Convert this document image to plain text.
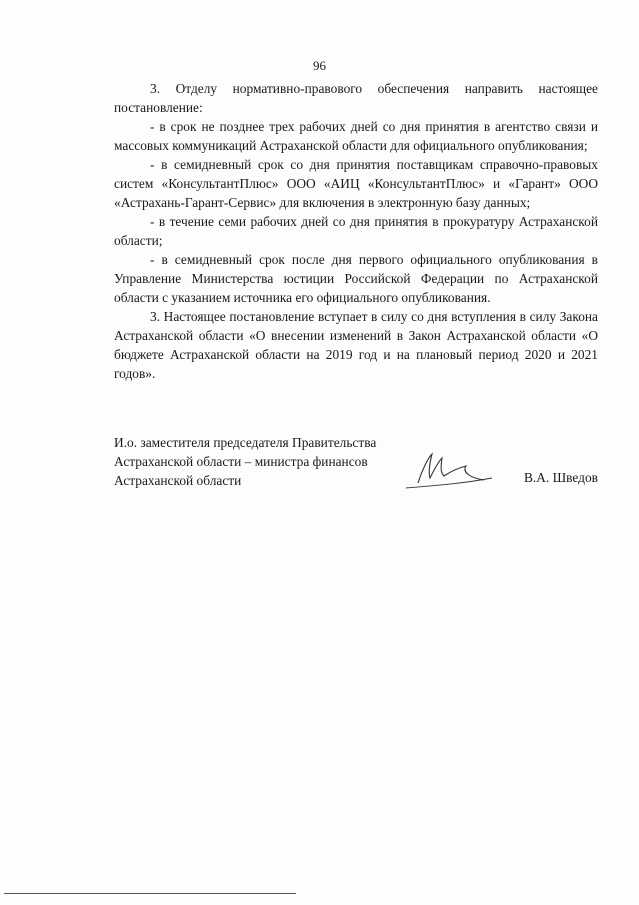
96

3. Отделу нормативно-правового обеспечения направить настоящее постановление:

- в срок не позднее трех рабочих дней со дня принятия в агентство связи и массовых коммуникаций Астраханской области для официального опубликования;

- в семидневный срок со дня принятия поставщикам справочно-правовых систем «КонсультантПлюс» ООО «АИЦ «КонсультантПлюс» и «Гарант» ООО «Астрахань-Гарант-Сервис» для включения в электронную базу данных;

- в течение семи рабочих дней со дня принятия в прокуратуру Астраханской области;

- в семидневный срок после дня первого официального опубликования в Управление Министерства юстиции Российской Федерации по Астраханской области с указанием источника его официального опубликования.

3. Настоящее постановление вступает в силу со дня вступления в силу Закона Астраханской области «О внесении изменений в Закон Астраханской области «О бюджете Астраханской области на 2019 год и на плановый период 2020 и 2021 годов».

И.о. заместителя председателя Правительства
Астраханской области – министра финансов
Астраханской области	В.А. Шведов
